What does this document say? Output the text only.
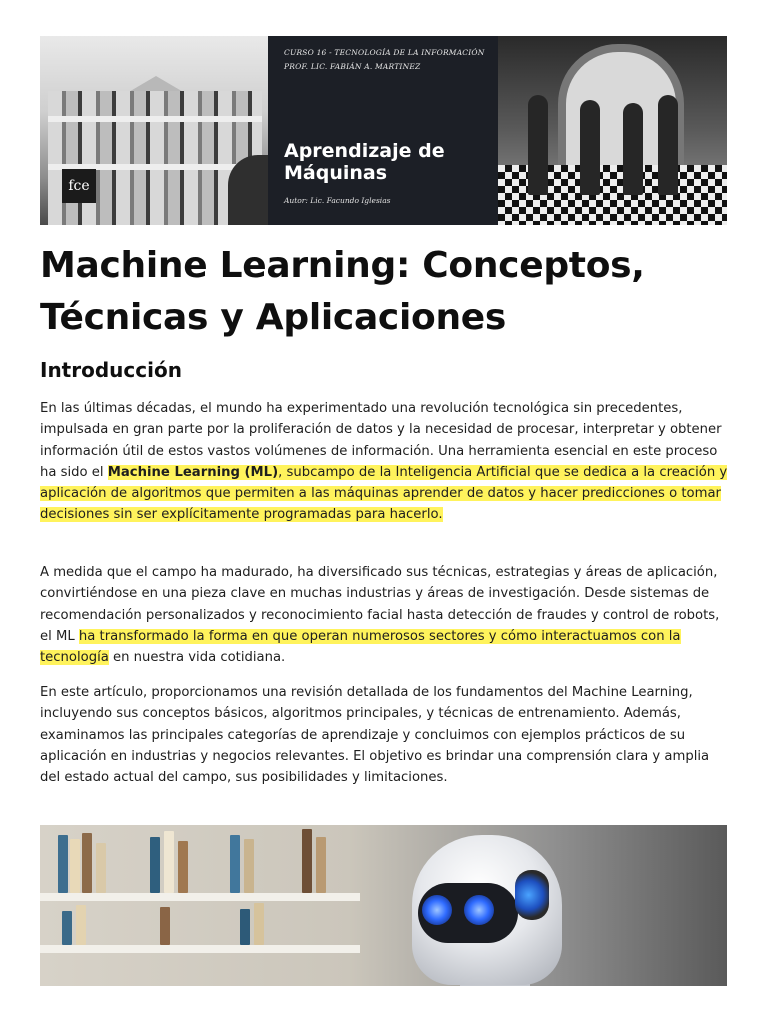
fce
CURSO 16 - TECNOLOGÍA DE LA INFORMACIÓN
PROF. LIC. FABIÁN A. MARTINEZ
Aprendizaje de Máquinas
Autor: Lic. Facundo Iglesias
Machine Learning: Conceptos, Técnicas y Aplicaciones
Introducción

En las últimas décadas, el mundo ha experimentado una revolución tecnológica sin precedentes, impulsada en gran parte por la proliferación de datos y la necesidad de procesar, interpretar y obtener información útil de estos vastos volúmenes de información. Una herramienta esencial en este proceso ha sido el Machine Learning (ML), subcampo de la Inteligencia Artificial que se dedica a la creación y aplicación de algoritmos que permiten a las máquinas aprender de datos y hacer predicciones o tomar decisiones sin ser explícitamente programadas para hacerlo.

A medida que el campo ha madurado, ha diversificado sus técnicas, estrategias y áreas de aplicación, convirtiéndose en una pieza clave en muchas industrias y áreas de investigación. Desde sistemas de recomendación personalizados y reconocimiento facial hasta detección de fraudes y control de robots, el ML ha transformado la forma en que operan numerosos sectores y cómo interactuamos con la tecnología en nuestra vida cotidiana.

En este artículo, proporcionamos una revisión detallada de los fundamentos del Machine Learning, incluyendo sus conceptos básicos, algoritmos principales, y técnicas de entrenamiento. Además, examinamos las principales categorías de aprendizaje y concluimos con ejemplos prácticos de su aplicación en industrias y negocios relevantes. El objetivo es brindar una comprensión clara y amplia del estado actual del campo, sus posibilidades y limitaciones.
